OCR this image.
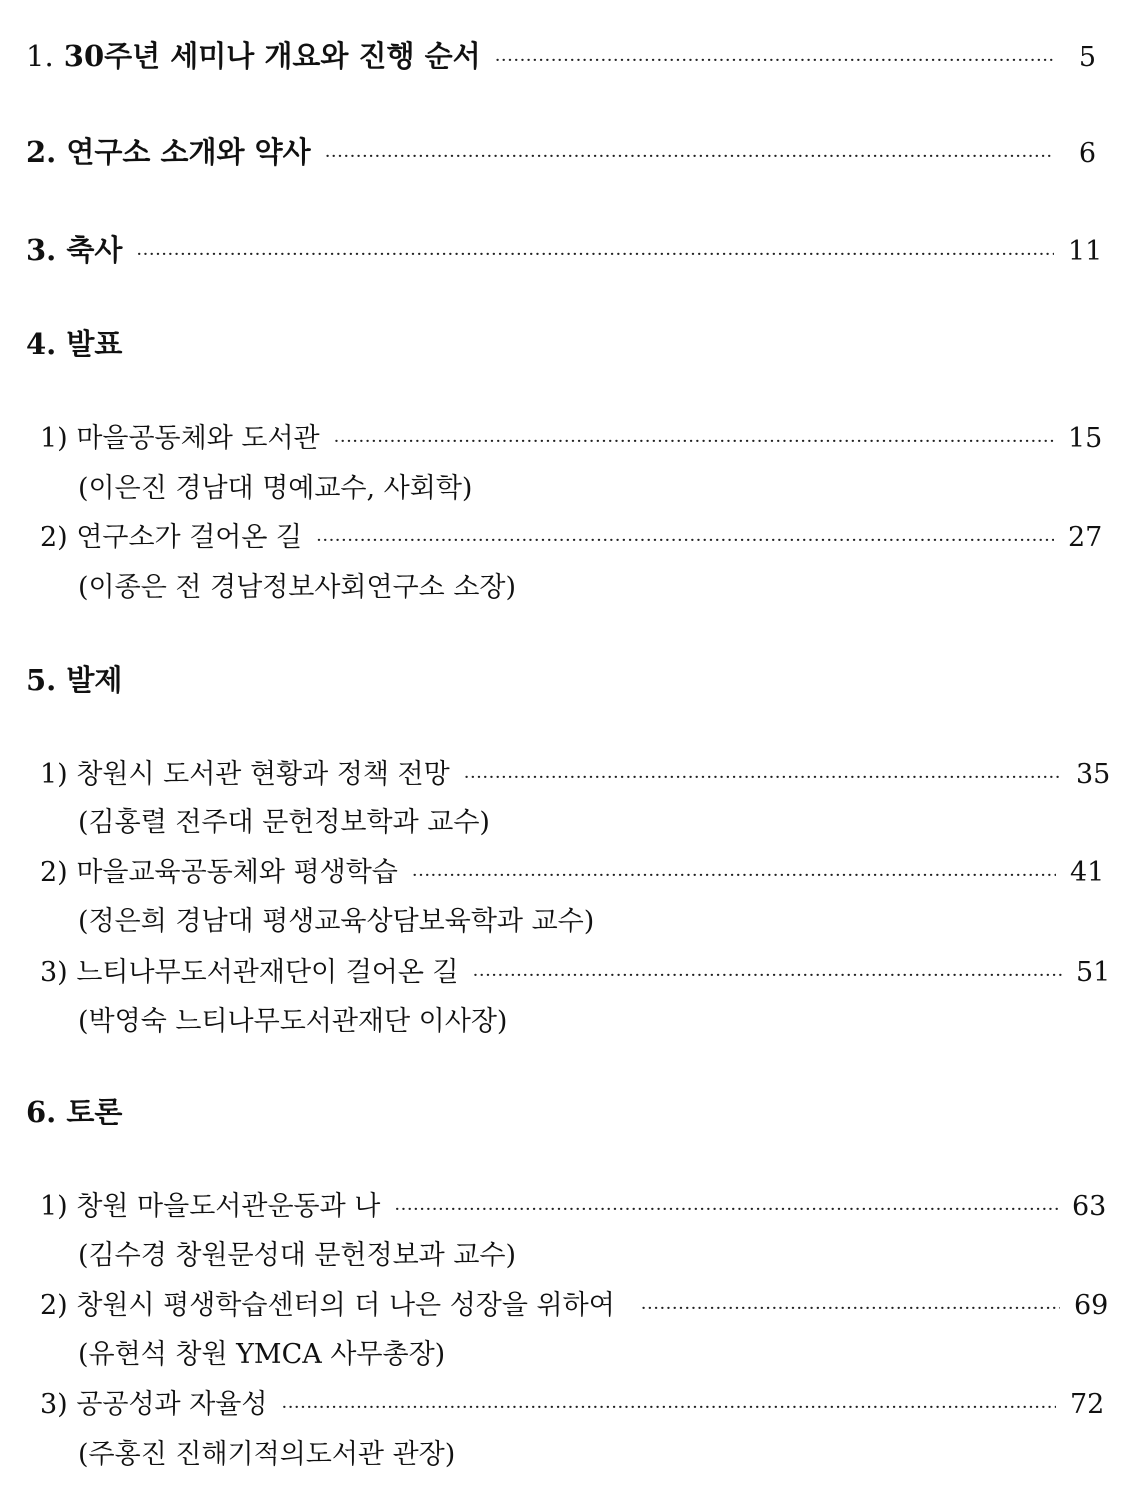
1.
30주년 세미나 개요와 진행 순서 ·····	5
2.
연구소 소개와 약사 ·····	6
3.
축사 ·····	11
4.
발표
1)
마을공동체와 도서관 ·····	15
(이은진 경남대 명예교수, 사회학)
2)
연구소가 걸어온 길 ·····	27
(이종은 전 경남정보사회연구소 소장)
5.
발제
1)
창원시 도서관 현황과 정책 전망 ·····	35
(김홍렬 전주대 문헌정보학과 교수)
2)
마을교육공동체와 평생학습 ·····	41
(정은희 경남대 평생교육상담보육학과 교수)
3)
느티나무도서관재단이 걸어온 길 ·····	51
(박영숙 느티나무도서관재단 이사장)
6.
토론
1)
창원 마을도서관운동과 나 ·····	63
(김수경 창원문성대 문헌정보과 교수)
2)
창원시 평생학습센터의 더 나은 성장을 위하여 ·····	69
(유현석 창원 YMCA 사무총장)
3)
공공성과 자율성 ·····	72
(주홍진 진해기적의도서관 관장)
